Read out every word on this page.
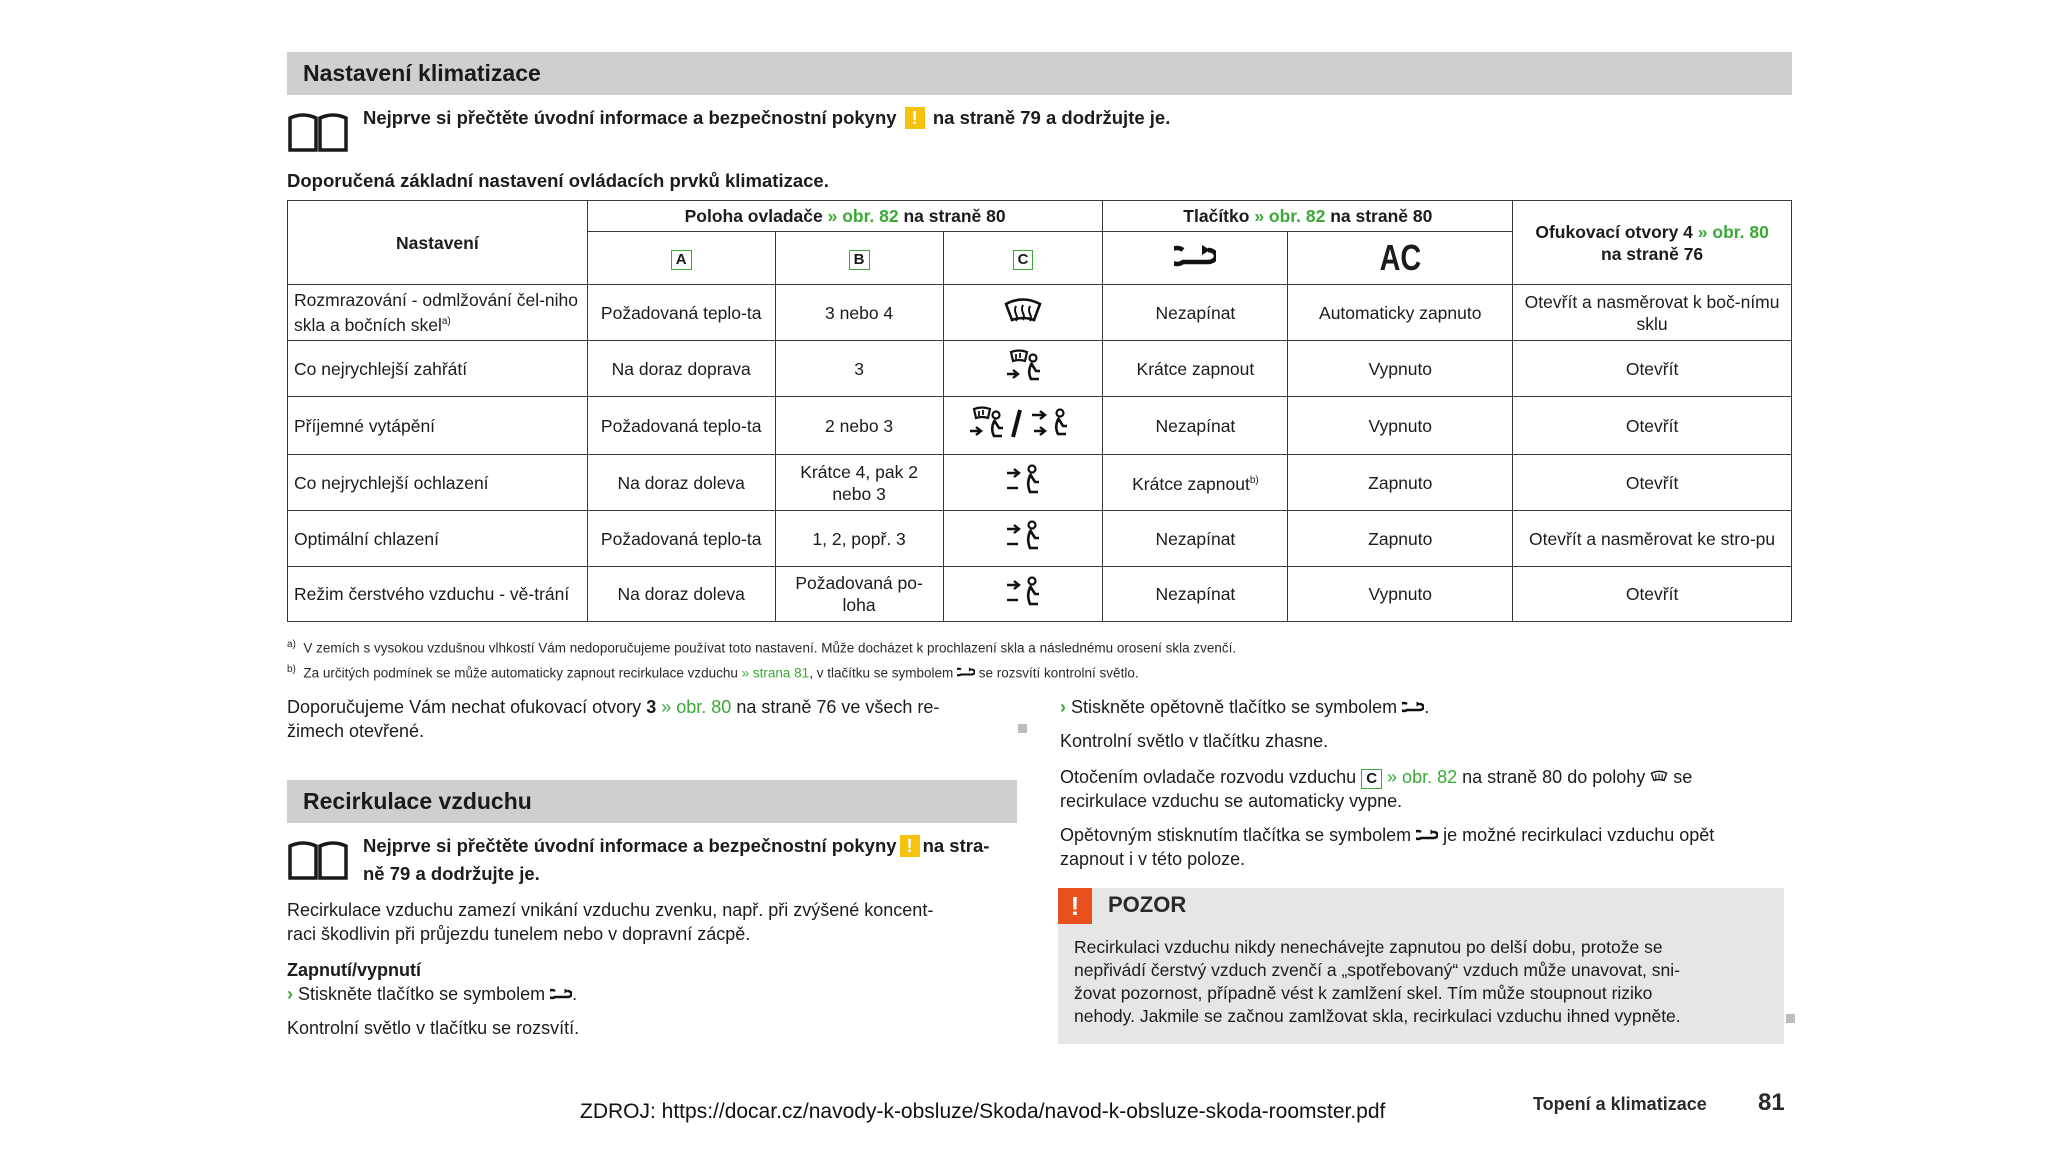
Nastavení klimatizace
Nejprve si přečtěte úvodní informace a bezpečnostní pokyny ! na straně 79 a dodržujte je.
Doporučená základní nastavení ovládacích prvků klimatizace.
Nastavení	Poloha ovladače » obr. 82 na straně 80			Tlačítko » obr. 82 na straně 80		Ofukovací otvory 4 » obr. 80
na straně 76
	A	B	C		AC	
Rozmrazování - odmlžování čel-niho skla a bočních skel$^{a)}$	Požadovaná teplo-ta	3 nebo 4		Nezapínat	Automaticky zapnuto	Otevřít a nasměrovat k boč-nímu sklu
Co nejrychlejší zahřátí	Na doraz doprava	3		Krátce zapnout	Vypnuto	Otevřít
Příjemné vytápění	Požadovaná teplo-ta	2 nebo 3		Nezapínat	Vypnuto	Otevřít
Co nejrychlejší ochlazení	Na doraz doleva	Krátce 4, pak 2 nebo 3		Krátce zapnout$^{b)}$	Zapnuto	Otevřít
Optimální chlazení	Požadovaná teplo-ta	1, 2, popř. 3		Nezapínat	Zapnuto	Otevřít a nasměrovat ke stro-pu
Režim čerstvého vzduchu - vě-trání	Na doraz doleva	Požadovaná po-loha		Nezapínat	Vypnuto	Otevřít
$^{a)}$ V zemích s vysokou vzdušnou vlhkostí Vám nedoporučujeme používat toto nastavení. Může docházet k prochlazení skla a následnému orosení skla zvenčí.
$^{b)}$ Za určitých podmínek se může automaticky zapnout recirkulace vzduchu » strana 81, v tlačítku se symbolem se rozsvítí kontrolní světlo.
Doporučujeme Vám nechat ofukovací otvory 3 » obr. 80 na straně 76 ve všech re-
žimech otevřené.
Recirkulace vzduchu
Nejprve si přečtěte úvodní informace a bezpečnostní pokyny ! na stra-
ně 79 a dodržujte je.
Recirkulace vzduchu zamezí vnikání vzduchu zvenku, např. při zvýšené koncent-
raci škodlivin při průjezdu tunelem nebo v dopravní zácpě.
Zapnutí/vypnutí
› Stiskněte tlačítko se symbolem .
Kontrolní světlo v tlačítku se rozsvítí.
› Stiskněte opětovně tlačítko se symbolem .
Kontrolní světlo v tlačítku zhasne.
Otočením ovladače rozvodu vzduchu C » obr. 82 na straně 80 do polohy se
recirkulace vzduchu se automaticky vypne.
Opětovným stisknutím tlačítka se symbolem je možné recirkulaci vzduchu opět
zapnout i v této poloze.
!	POZOR
Recirkulaci vzduchu nikdy nenechávejte zapnutou po delší dobu, protože se
nepřivádí čerstvý vzduch zvenčí a „spotřebovaný“ vzduch může unavovat, sni-
žovat pozornost, případně vést k zamlžení skel. Tím může stoupnout riziko
nehody. Jakmile se začnou zamlžovat skla, recirkulaci vzduchu ihned vypněte.
ZDROJ: https://docar.cz/navody-k-obsluze/Skoda/navod-k-obsluze-skoda-roomster.pdf	Topení a klimatizace 81
